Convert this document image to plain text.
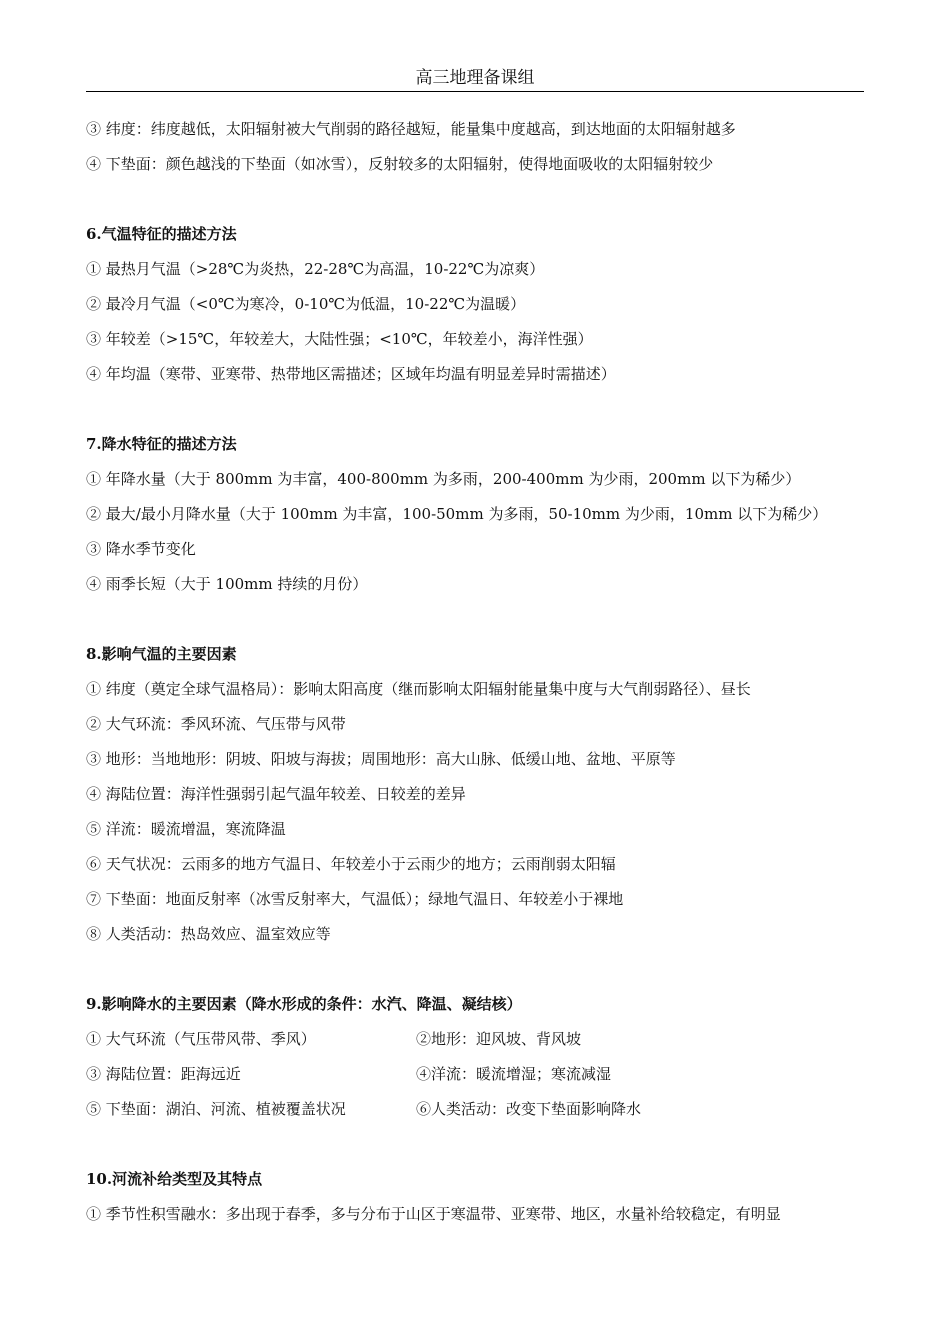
高三地理备课组
③ 纬度：纬度越低，太阳辐射被大气削弱的路径越短，能量集中度越高，到达地面的太阳辐射越多
④ 下垫面：颜色越浅的下垫面（如冰雪），反射较多的太阳辐射，使得地面吸收的太阳辐射较少
6.气温特征的描述方法
① 最热月气温（>28℃为炎热，22-28℃为高温，10-22℃为凉爽）
② 最冷月气温（<0℃为寒冷，0-10℃为低温，10-22℃为温暖）
③ 年较差（>15℃，年较差大，大陆性强；<10℃，年较差小，海洋性强）
④ 年均温（寒带、亚寒带、热带地区需描述；区域年均温有明显差异时需描述）
7.降水特征的描述方法
① 年降水量（大于 800mm 为丰富，400-800mm 为多雨，200-400mm 为少雨，200mm 以下为稀少）
② 最大/最小月降水量（大于 100mm 为丰富，100-50mm 为多雨，50-10mm 为少雨，10mm 以下为稀少）
③ 降水季节变化
④ 雨季长短（大于 100mm 持续的月份）
8.影响气温的主要因素
① 纬度（奠定全球气温格局）：影响太阳高度（继而影响太阳辐射能量集中度与大气削弱路径）、昼长
② 大气环流：季风环流、气压带与风带
③ 地形：当地地形：阴坡、阳坡与海拔；周围地形：高大山脉、低缓山地、盆地、平原等
④ 海陆位置：海洋性强弱引起气温年较差、日较差的差异
⑤ 洋流：暖流增温，寒流降温
⑥ 天气状况：云雨多的地方气温日、年较差小于云雨少的地方；云雨削弱太阳辐
⑦ 下垫面：地面反射率（冰雪反射率大，气温低）；绿地气温日、年较差小于裸地
⑧ 人类活动：热岛效应、温室效应等
9.影响降水的主要因素（降水形成的条件：水汽、降温、凝结核）
① 大气环流（气压带风带、季风）	②地形：迎风坡、背风坡
③ 海陆位置：距海远近	④洋流：暖流增湿；寒流减湿
⑤ 下垫面：湖泊、河流、植被覆盖状况	⑥人类活动：改变下垫面影响降水
10.河流补给类型及其特点
① 季节性积雪融水：多出现于春季，多与分布于山区于寒温带、亚寒带、地区，水量补给较稳定，有明显
